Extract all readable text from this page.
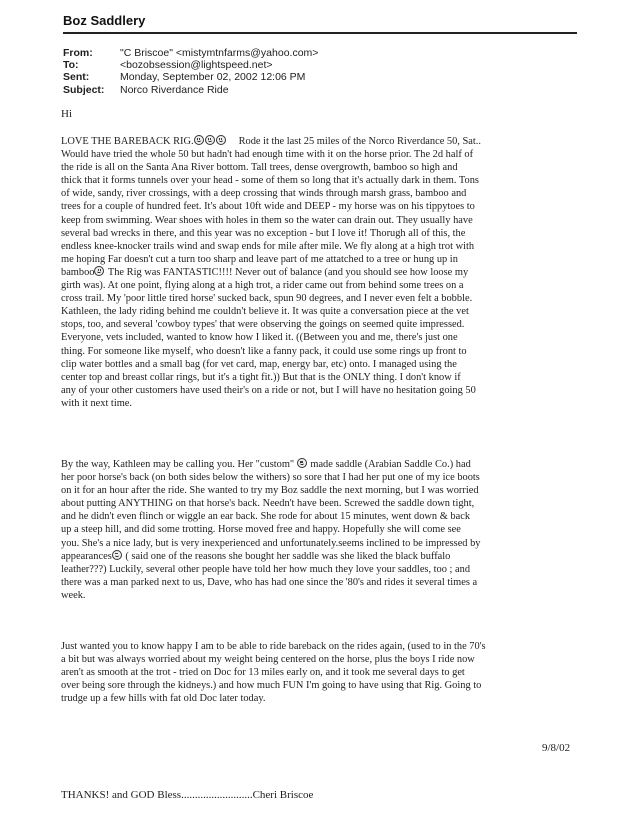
Boz Saddlery
From:	"C Briscoe" <mistymtnfarms@yahoo.com>
To:	<bozobsession@lightspeed.net>
Sent:	Monday, September 02, 2002 12:06 PM
Subject:	Norco Riverdance Ride
Hi
LOVE THE BAREBACK RIG.	Rode it the last 25 miles of the Norco Riverdance 50, Sat..
Would have tried the whole 50 but hadn't had enough time with it on the horse prior. The 2d half of
the ride is all on the Santa Ana River bottom. Tall trees, dense overgrowth, bamboo so high and
thick that it forms tunnels over your head - some of them so long that it's actually dark in them. Tons
of wide, sandy, river crossings, with a deep crossing that winds through marsh grass, bamboo and
trees for a couple of hundred feet. It's about 10ft wide and DEEP - my horse was on his tippytoes to
keep from swimming. Wear shoes with holes in them so the water can drain out. They usually have
several bad wrecks in there, and this year was no exception - but I love it! Thorugh all of this, the
endless knee-knocker trails wind and swap ends for mile after mile. We fly along at a high trot with
me hoping Far doesn't cut a turn too sharp and leave part of me attatched to a tree or hung up in
bamboo
The Rig was FANTASTIC!!!! Never out of balance (and you should see how loose my
girth was). At one point, flying along at a high trot, a rider came out from behind some trees on a
cross trail. My 'poor little tired horse' sucked back, spun 90 degrees, and I never even felt a bobble.
Kathleen, the lady riding behind me couldn't believe it. It was quite a conversation piece at the vet
stops, too, and several 'cowboy types' that were observing the goings on seemed quite impressed.
Everyone, vets included, wanted to know how I liked it. ((Between you and me, there's just one
thing. For someone like myself, who doesn't like a fanny pack, it could use some rings up front to
clip water bottles and a small bag (for vet card, map, energy bar, etc) onto. I managed using the
center top and breast collar rings, but it's a tight fit.)) But that is the ONLY thing. I don't know if
any of your other customers have used their's on a ride or not, but I will have no hesitation going 50
with it next time.
By the way, Kathleen may be calling you. Her "custom"
made saddle (Arabian Saddle Co.) had
her poor horse's back (on both sides below the withers) so sore that I had her put one of my ice boots
on it for an hour after the ride. She wanted to try my Boz saddle the next morning, but I was worried
about putting ANYTHING on that horse's back. Needn't have been. Screwed the saddle down tight,
and he didn't even flinch or wiggle an ear back. She rode for about 15 minutes, went down & back
up a steep hill, and did some trotting. Horse moved free and happy. Hopefully she will come see
you. She's a nice lady, but is very inexperienced and unfortunately.seems inclined to be impressed by
appearances
( said one of the reasons she bought her saddle was she liked the black buffalo
leather???) Luckily, several other people have told her how much they love your saddles, too ; and
there was a man parked next to us, Dave, who has had one since the '80's and rides it several times a
week.
Just wanted you to know happy I am to be able to ride bareback on the rides again, (used to in the 70's
a bit but was always worried about my weight being centered on the horse, plus the boys I ride now
aren't as smooth at the trot - tried on Doc for 13 miles early on, and it took me several days to get
over being sore through the kidneys.) and how much FUN I'm going to have using that Rig. Going to
trudge up a few hills with fat old Doc later today.
9/8/02
THANKS! and GOD Bless..........................Cheri Briscoe
